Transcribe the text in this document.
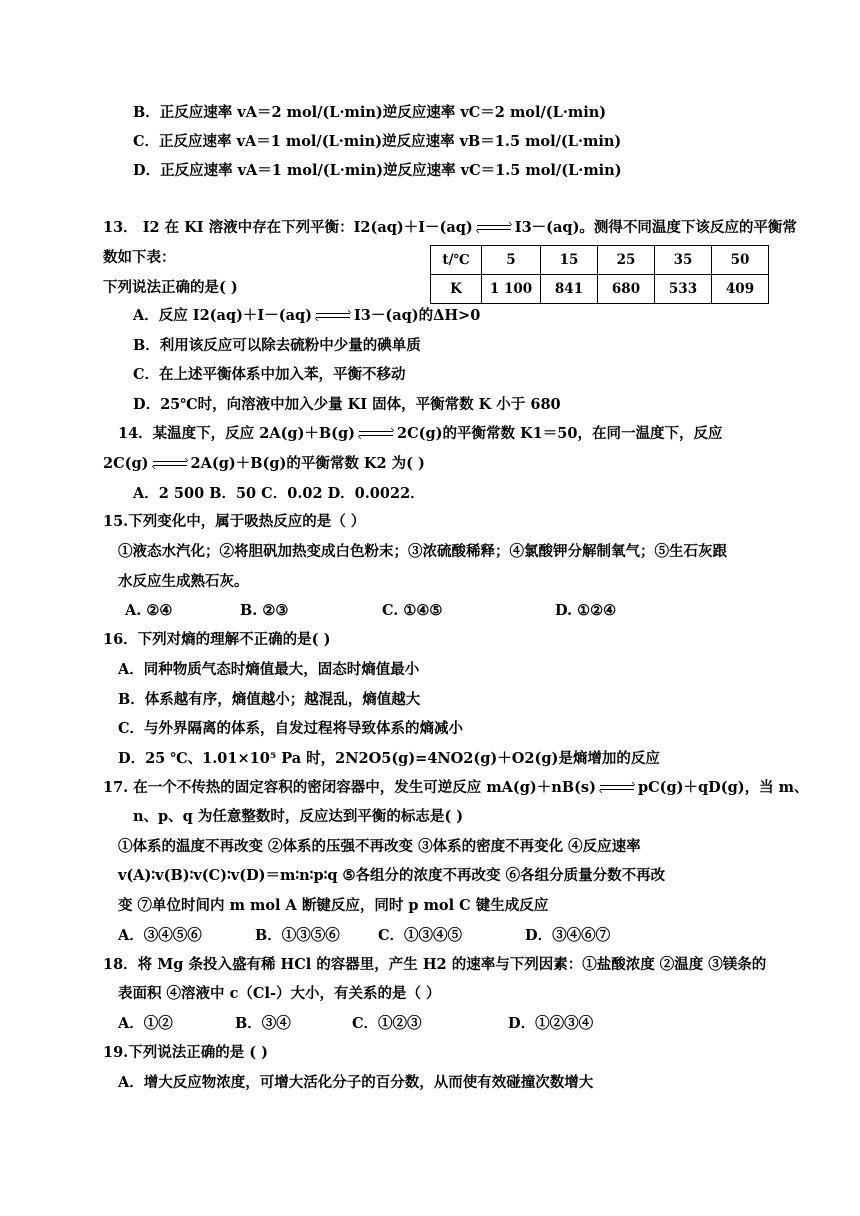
B．正反应速率 vA＝2 mol/(L·min)逆反应速率 vC＝2 mol/(L·min)
C．正反应速率 vA＝1 mol/(L·min)逆反应速率 vB＝1.5 mol/(L·min)
D．正反应速率 vA＝1 mol/(L·min)逆反应速率 vC＝1.5 mol/(L·min)
13． I2 在 KI 溶液中存在下列平衡：I2(aq)＋I－(aq)	I3－(aq)。测得不同温度下该反应的平衡常
数如下表：
下列说法正确的是( )
t/℃	5	15	25	35	50
K	1 100	841	680	533	409
A．反应 I2(aq)＋I－(aq)	I3－(aq)的ΔH>0
B．利用该反应可以除去硫粉中少量的碘单质
C．在上述平衡体系中加入苯，平衡不移动
D．25℃时，向溶液中加入少量 KI 固体，平衡常数 K 小于 680
14．某温度下，反应 2A(g)＋B(g)	2C(g)的平衡常数 K1＝50，在同一温度下，反应
2C(g)	2A(g)＋B(g)的平衡常数 K2 为( )
A．2 500 B．50 C．0.02 D．0.0022．
15.下列变化中，属于吸热反应的是（ ）
①液态水汽化；②将胆矾加热变成白色粉末；③浓硫酸稀释；④氯酸钾分解制氧气；⑤生石灰跟
水反应生成熟石灰。
A. ②④	B. ②③	C. ①④⑤	D. ①②④
16．下列对熵的理解不正确的是( )
A．同种物质气态时熵值最大，固态时熵值最小
B．体系越有序，熵值越小；越混乱，熵值越大
C．与外界隔离的体系，自发过程将导致体系的熵减小
D．25 ℃、1.01×10⁵ Pa 时，2N2O5(g)=4NO2(g)＋O2(g)是熵增加的反应
17. 在一个不传热的固定容积的密闭容器中，发生可逆反应 mA(g)＋nB(s)	pC(g)＋qD(g)，当 m、
n、p、q 为任意整数时，反应达到平衡的标志是( )
①体系的温度不再改变 ②体系的压强不再改变 ③体系的密度不再变化 ④反应速率
v(A)∶v(B)∶v(C)∶v(D)＝m∶n∶p∶q ⑤各组分的浓度不再改变 ⑥各组分质量分数不再改
变 ⑦单位时间内 m mol A 断键反应，同时 p mol C 键生成反应
A．③④⑤⑥	B．①③⑤⑥	C．①③④⑤	D．③④⑥⑦
18．将 Mg 条投入盛有稀 HCl 的容器里，产生 H2 的速率与下列因素：①盐酸浓度 ②温度 ③镁条的
表面积 ④溶液中 c（Cl-）大小，有关系的是（ ）
A．①②	B．③④	C．①②③	D．①②③④
19.下列说法正确的是 ( )
A．增大反应物浓度，可增大活化分子的百分数，从而使有效碰撞次数增大
